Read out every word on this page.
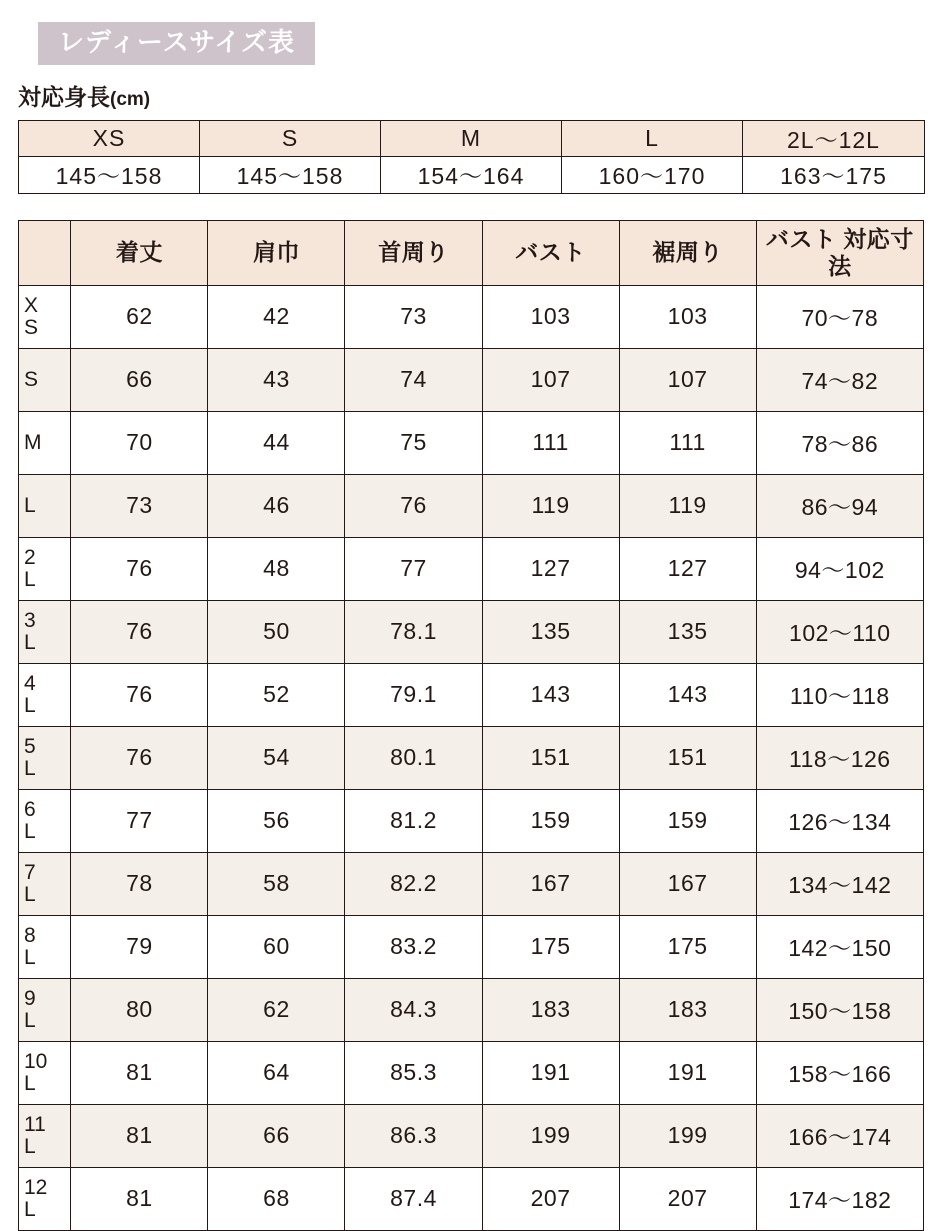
レディースサイズ表
対応身長(cm)
XS	S	M	L	2L〜12L
145〜158	145〜158	154〜164	160〜170	163〜175
	着丈	肩巾	首周り	バスト	裾周り	バスト 対応寸法

X
S	62	42	73	103	103	70〜78

S	66	43	74	107	107	74〜82

M	70	44	75	111	111	78〜86

L	73	46	76	119	119	86〜94

2
L	76	48	77	127	127	94〜102

3
L	76	50	78.1	135	135	102〜110

4
L	76	52	79.1	143	143	110〜118

5
L	76	54	80.1	151	151	118〜126

6
L	77	56	81.2	159	159	126〜134

7
L	78	58	82.2	167	167	134〜142

8
L	79	60	83.2	175	175	142〜150

9
L	80	62	84.3	183	183	150〜158

10
L	81	64	85.3	191	191	158〜166

11
L	81	66	86.3	199	199	166〜174

12
L	81	68	87.4	207	207	174〜182
